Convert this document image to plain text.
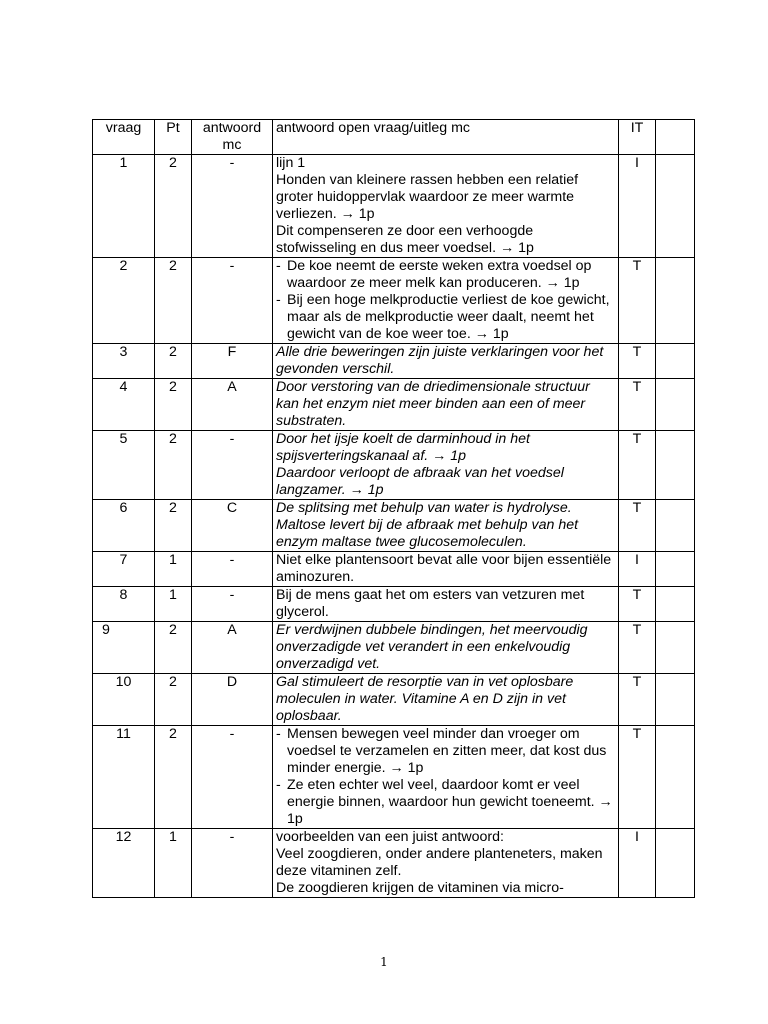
vraag	Pt	antwoord mc	antwoord open vraag/uitleg mc	IT	
1	2	-	lijn 1
Honden van kleinere rassen hebben een relatief groter huidoppervlak waardoor ze meer warmte verliezen. → 1p
Dit compenseren ze door een verhoogde stofwisseling en dus meer voedsel. → 1p	I	
2	2	-	- De koe neemt de eerste weken extra voedsel op waardoor ze meer melk kan produceren. → 1p
- Bij een hoge melkproductie verliest de koe gewicht, maar als de melkproductie weer daalt, neemt het gewicht van de koe weer toe. → 1p	T	
3	2	F	Alle drie beweringen zijn juiste verklaringen voor het gevonden verschil.	T	
4	2	A	Door verstoring van de driedimensionale structuur kan het enzym niet meer binden aan een of meer substraten.	T	
5	2	-	Door het ijsje koelt de darminhoud in het spijsverteringskanaal af. → 1p
Daardoor verloopt de afbraak van het voedsel langzamer. → 1p	T	
6	2	C	De splitsing met behulp van water is hydrolyse. Maltose levert bij de afbraak met behulp van het enzym maltase twee glucosemoleculen.	T	
7	1	-	Niet elke plantensoort bevat alle voor bijen essentiële aminozuren.	I	
8	1	-	Bij de mens gaat het om esters van vetzuren met glycerol.	T	
9	2	A	Er verdwijnen dubbele bindingen, het meervoudig onverzadigde vet verandert in een enkelvoudig onverzadigd vet.	T	
10	2	D	Gal stimuleert de resorptie van in vet oplosbare moleculen in water. Vitamine A en D zijn in vet oplosbaar.	T	
11	2	-	- Mensen bewegen veel minder dan vroeger om voedsel te verzamelen en zitten meer, dat kost dus minder energie. → 1p
- Ze eten echter wel veel, daardoor komt er veel energie binnen, waardoor hun gewicht toeneemt. → 1p	T	
12	1	-	voorbeelden van een juist antwoord:
Veel zoogdieren, onder andere planteneters, maken deze vitaminen zelf.
De zoogdieren krijgen de vitaminen via micro-	I	
1
